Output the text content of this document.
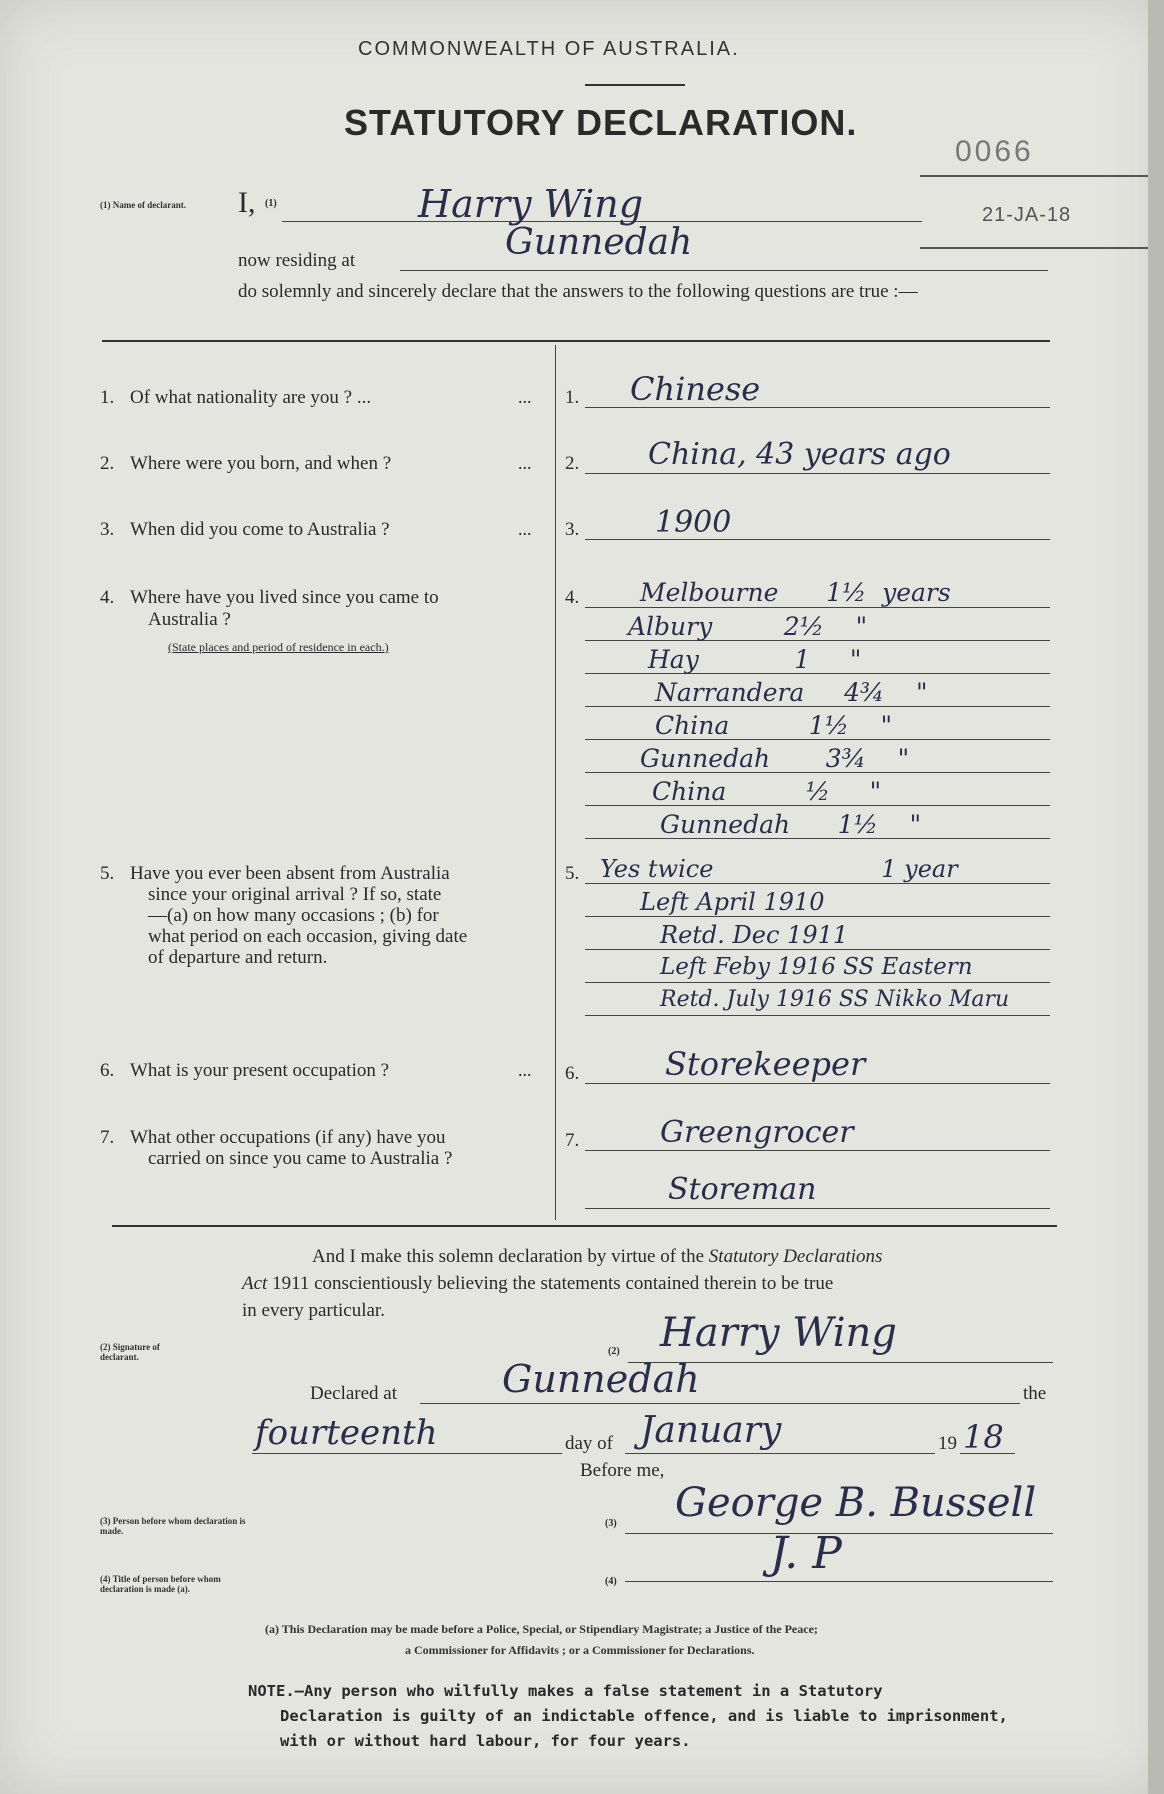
COMMONWEALTH OF AUSTRALIA.
STATUTORY DECLARATION.
0066
21-JA-18
(1) Name of declarant. I, (1)	Harry Wing
now residing at	Gunnedah
do solemnly and sincerely declare that the answers to the following questions are true :—
1. Of what nationality are you ? ...	... 1. Chinese
2. Where were you born, and when ?	... 2. China, 43 years ago
3. When did you come to Australia ?	... 3.	1900
4. Where have you lived since you came to
Australia ?
(State places and period of residence in each.)
4. Melbourne      1½  years
Albury         2½    "
Hay            1     "
Narrandera     4¾    "
China          1½    "
Gunnedah       3¾    "
China          ½     "
Gunnedah      1½    "
5. Have you ever been absent from Australia
since your original arrival ? If so, state
—(a) on how many occasions ; (b) for
what period on each occasion, giving date
of departure and return.
5. Yes twice                      1 year
Left April 1910
Retd. Dec 1911
Left Feby 1916 SS Eastern
Retd. July 1916 SS Nikko Maru
6. What is your present occupation ?	... 6.	Storekeeper
7. What other occupations (if any) have you
carried on since you came to Australia ?
7.	Greengrocer
Storeman
And I make this solemn declaration by virtue of the Statutory Declarations
Act 1911 conscientiously believing the statements contained therein to be true
in every particular.
(2) Signature of declarant.	(2) Harry Wing
Declared at	Gunnedah	the
fourteenth	day of January	19 18
Before me,
(3) Person before whom declaration is made.
(3) George B. Bussell
(4) Title of person before whom declaration is made (a).
(4)
J. P
(a) This Declaration may be made before a Police, Special, or Stipendiary Magistrate; a Justice of the Peace;
a Commissioner for Affidavits ; or a Commissioner for Declarations.
NOTE.—Any person who wilfully makes a false statement in a Statutory
Declaration is guilty of an indictable offence, and is liable to imprisonment,
with or without hard labour, for four years.
